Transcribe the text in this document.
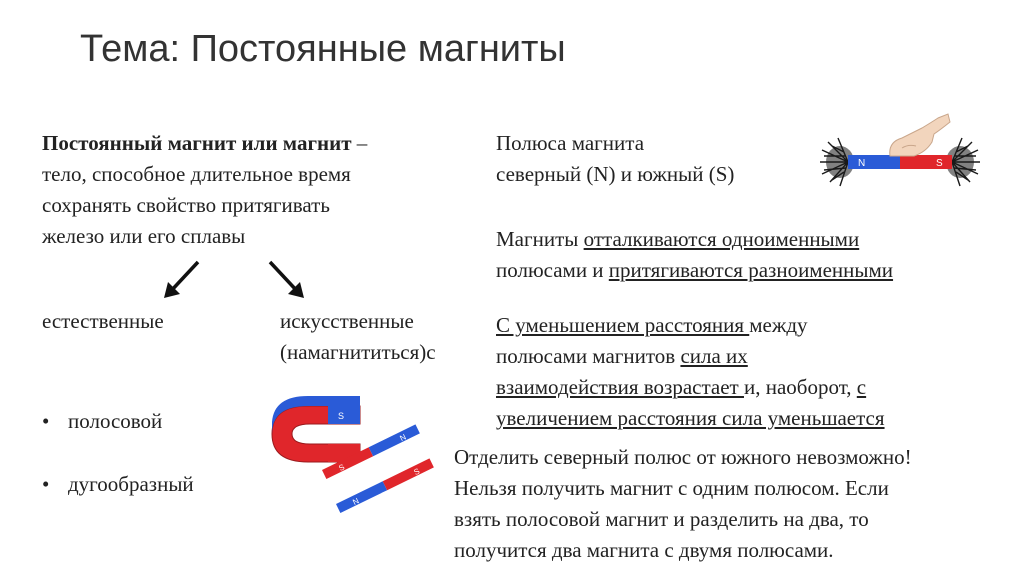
Тема: Постоянные магниты
Постоянный магнит или магнит –
тело, способное длительное время
сохранять свойство притягивать
железо или его сплавы
естественные	искусственные
(намагнититься)с
• полосовой
• дугообразный
S
S
N
N
S
Полюса магнита
северный (N) и южный (S)	N	S
Магниты отталкиваются одноименными
полюсами и притягиваются разноименными
С уменьшением расстояния между
полюсами магнитов сила их
взаимодействия возрастает и, наоборот, с
увеличением расстояния сила уменьшается
Отделить северный полюс от южного невозможно!
Нельзя получить магнит с одним полюсом. Если
взять полосовой магнит и разделить на два, то
получится два магнита с двумя полюсами.
